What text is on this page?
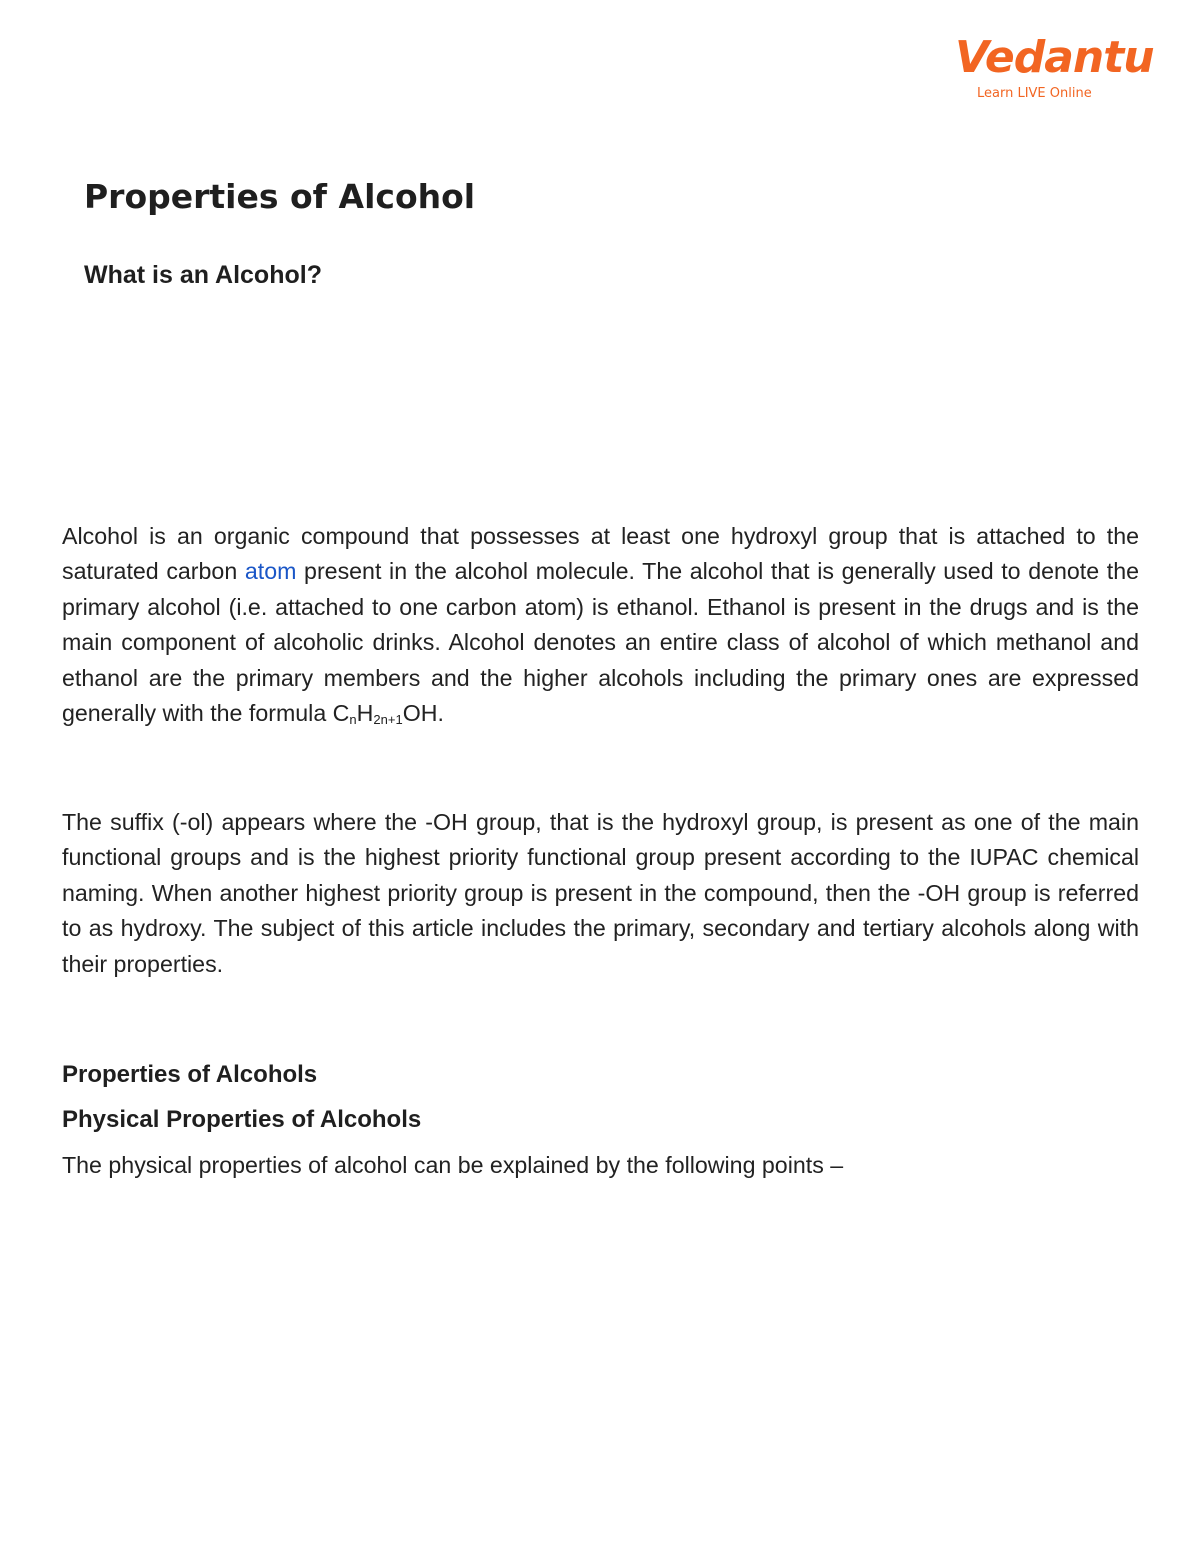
Vedantu
Learn LIVE Online
Properties of Alcohol
What is an Alcohol?

Alcohol is an organic compound that possesses at least one hydroxyl group that is attached to the saturated carbon atom present in the alcohol molecule. The alcohol that is generally used to denote the primary alcohol (i.e. attached to one carbon atom) is ethanol. Ethanol is present in the drugs and is the main component of alcoholic drinks. Alcohol denotes an entire class of alcohol of which methanol and ethanol are the primary members and the higher alcohols including the primary ones are expressed generally with the formula CnH2n+1OH.

The suffix (-ol) appears where the -OH group, that is the hydroxyl group, is present as one of the main functional groups and is the highest priority functional group present according to the IUPAC chemical naming. When another highest priority group is present in the compound, then the -OH group is referred to as hydroxy. The subject of this article includes the primary, secondary and tertiary alcohols along with their properties.

Properties of Alcohols
Physical Properties of Alcohols

The physical properties of alcohol can be explained by the following points –
